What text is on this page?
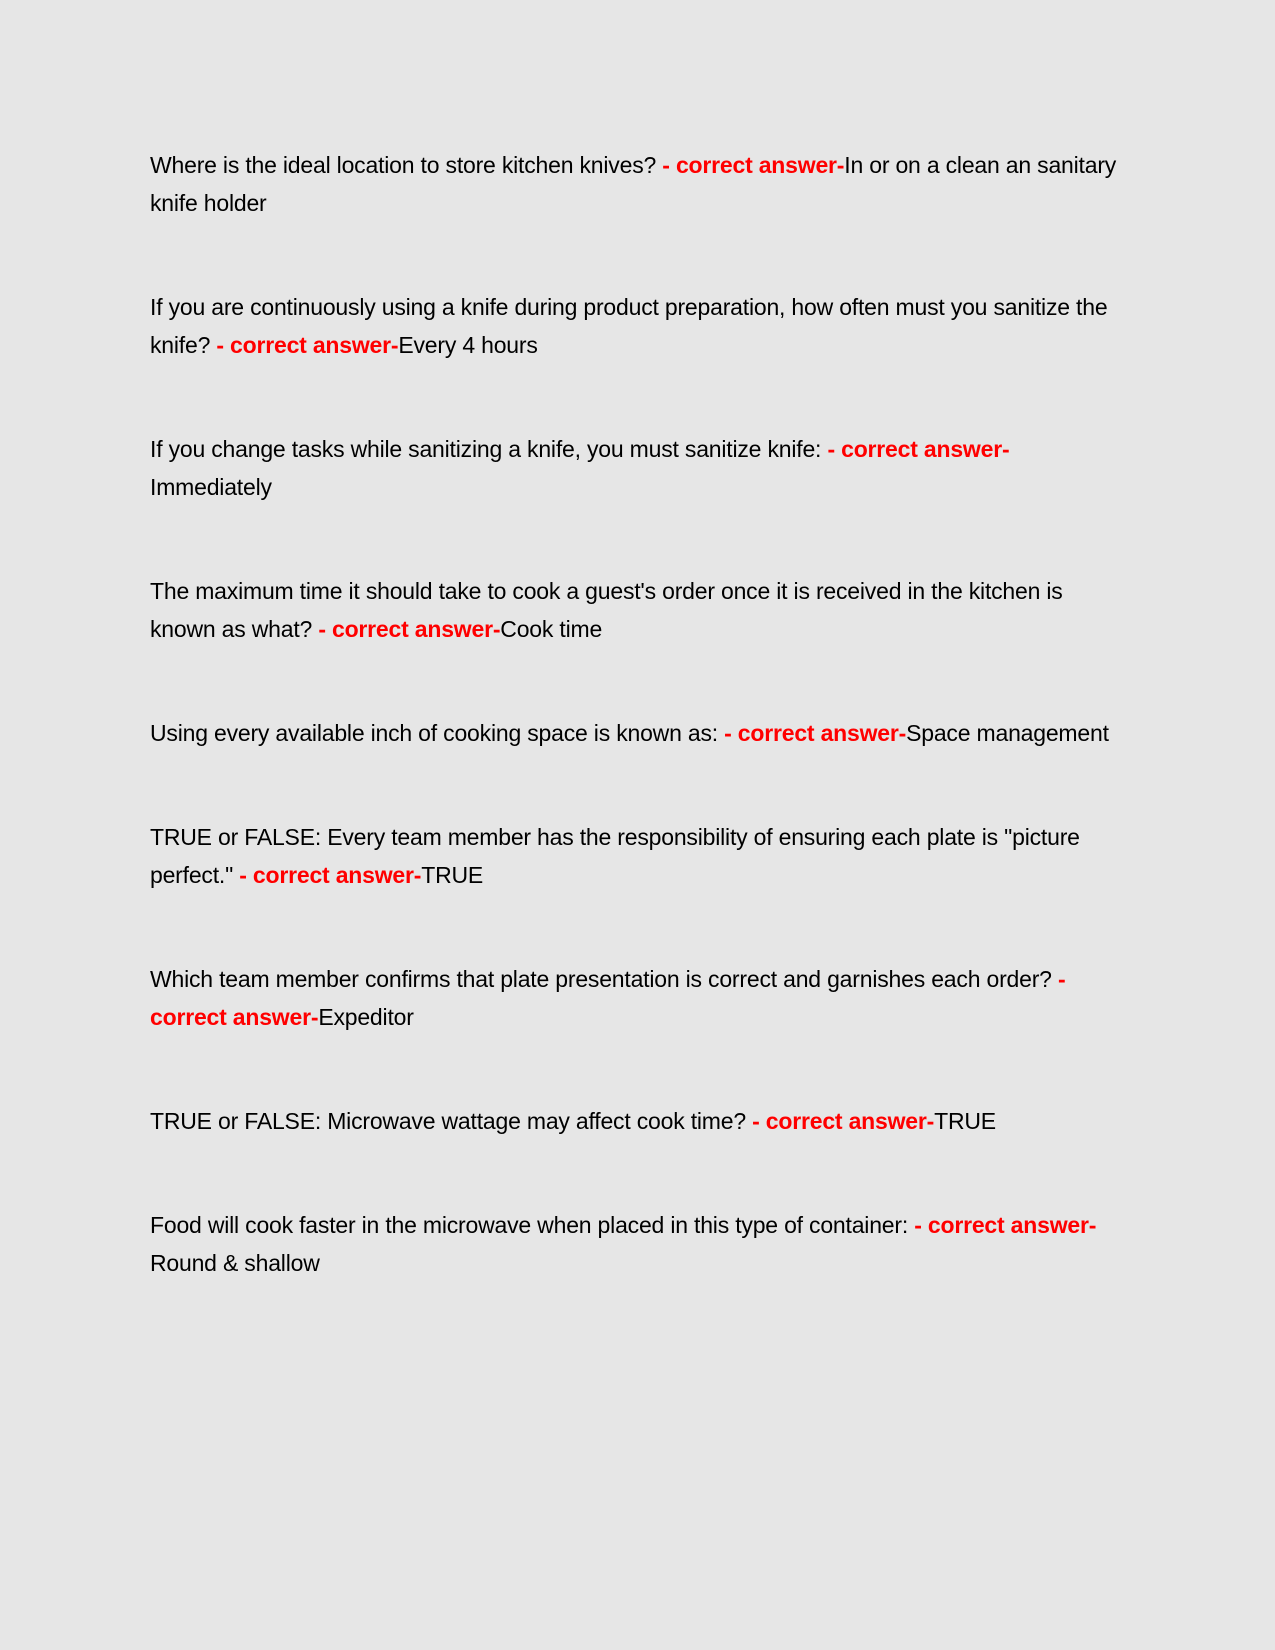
Where is the ideal location to store kitchen knives? - correct answer-In or on a clean an sanitary knife holder

If you are continuously using a knife during product preparation, how often must you sanitize the knife? - correct answer-Every 4 hours

If you change tasks while sanitizing a knife, you must sanitize knife: - correct answer-Immediately

The maximum time it should take to cook a guest's order once it is received in the kitchen is known as what? - correct answer-Cook time

Using every available inch of cooking space is known as: - correct answer-Space management

TRUE or FALSE: Every team member has the responsibility of ensuring each plate is "picture perfect." - correct answer-TRUE

Which team member confirms that plate presentation is correct and garnishes each order? - correct answer-Expeditor

TRUE or FALSE: Microwave wattage may affect cook time? - correct answer-TRUE

Food will cook faster in the microwave when placed in this type of container: - correct answer-Round & shallow
